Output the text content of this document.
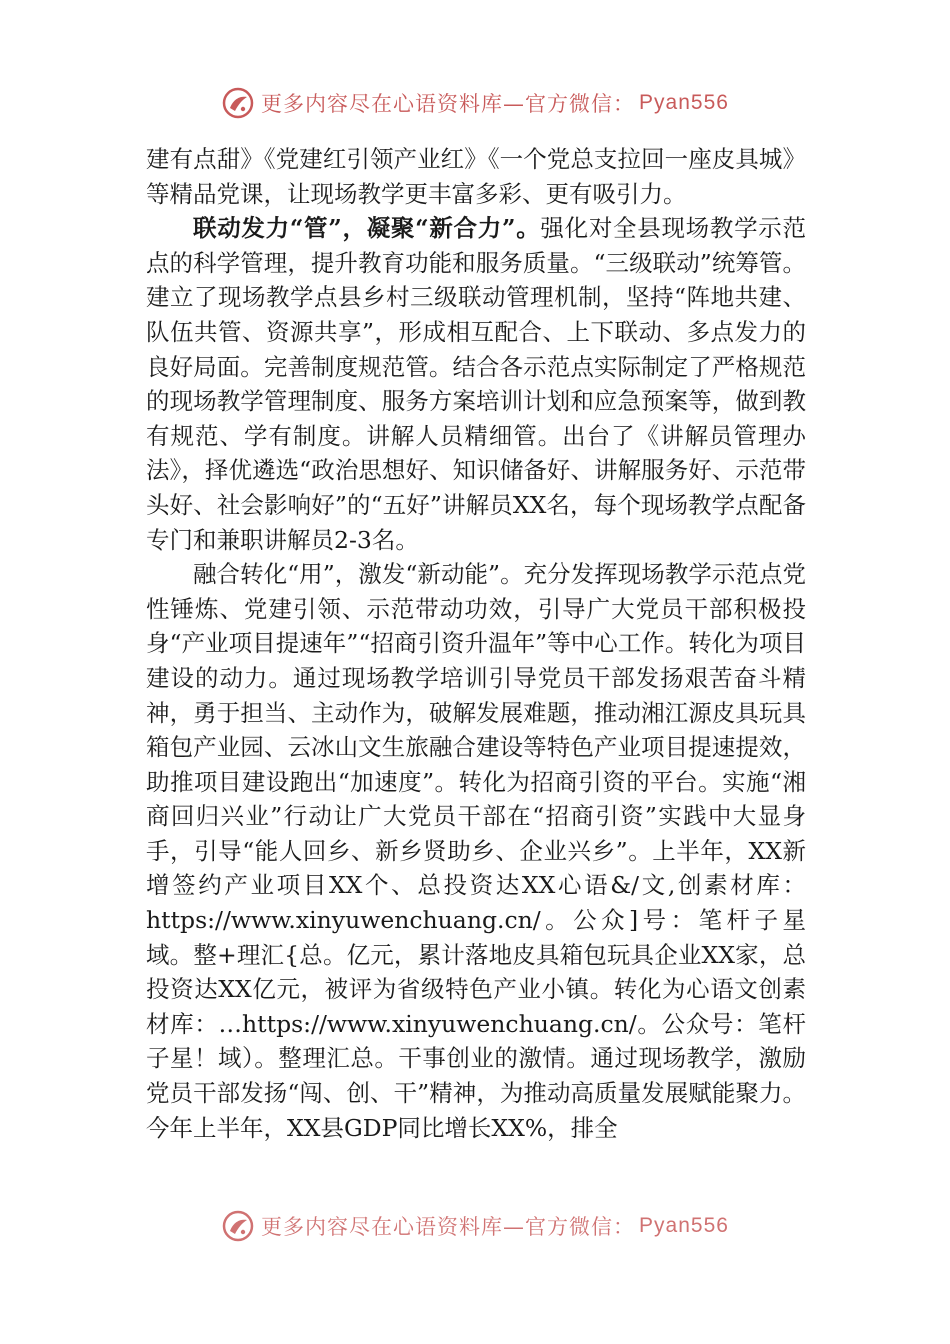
更多内容尽在心语资料库—官方微信： Pyan556

建有点甜》《党建红引领产业红》《一个党总支拉回一座皮具城》等精品党课，让现场教学更丰富多彩、更有吸引力。

联动发力“管”，凝聚“新合力”。强化对全县现场教学示范点的科学管理，提升教育功能和服务质量。“三级联动”统筹管。建立了现场教学点县乡村三级联动管理机制，坚持“阵地共建、队伍共管、资源共享”，形成相互配合、上下联动、多点发力的良好局面。完善制度规范管。结合各示范点实际制定了严格规范的现场教学管理制度、服务方案培训计划和应急预案等，做到教有规范、学有制度。讲解人员精细管。出台了《讲解员管理办法》，择优遴选“政治思想好、知识储备好、讲解服务好、示范带头好、社会影响好”的“五好”讲解员XX名，每个现场教学点配备专门和兼职讲解员2-3名。

融合转化“用”，激发“新动能”。充分发挥现场教学示范点党性锤炼、党建引领、示范带动功效，引导广大党员干部积极投身“产业项目提速年”“招商引资升温年”等中心工作。转化为项目建设的动力。通过现场教学培训引导党员干部发扬艰苦奋斗精神，勇于担当、主动作为，破解发展难题，推动湘江源皮具玩具箱包产业园、云冰山文生旅融合建设等特色产业项目提速提效，助推项目建设跑出“加速度”。转化为招商引资的平台。实施“湘商回归兴业”行动让广大党员干部在“招商引资”实践中大显身手，引导“能人回乡、新乡贤助乡、企业兴乡”。上半年，XX新增签约产业项目XX个、总投资达XX心语&/文,创素材库：https://www.xinyuwenchuang.cn/。公众]号：笔杆子星域。整+理汇{总。亿元，累计落地皮具箱包玩具企业XX家，总投资达XX亿元，被评为省级特色产业小镇。转化为心语文创素材库：…https://www.xinyuwenchuang.cn/。公众号：笔杆子星！域）。整理汇总。干事创业的激情。通过现场教学，激励党员干部发扬“闯、创、干”精神，为推动高质量发展赋能聚力。今年上半年，XX县GDP同比增长XX%，排全

更多内容尽在心语资料库—官方微信： Pyan556
